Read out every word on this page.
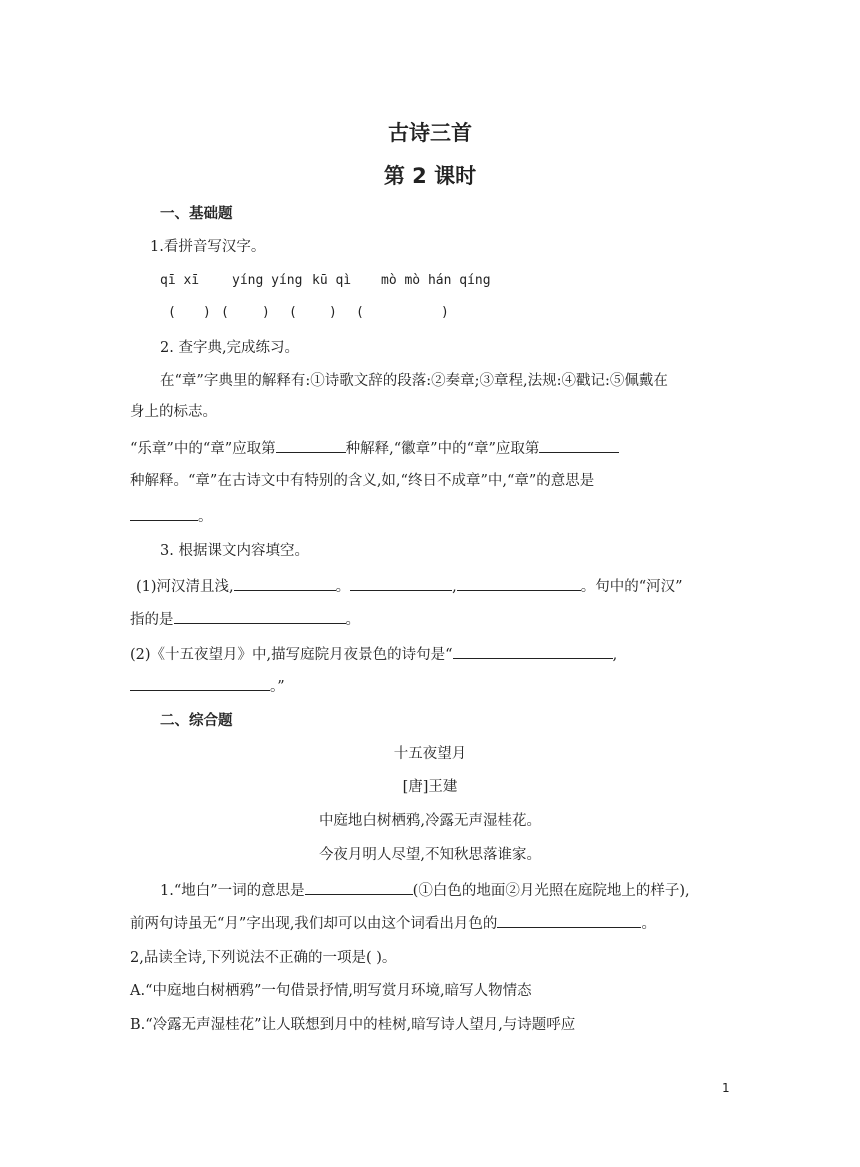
古诗三首
第 2 课时
一、基础题
1.看拼音写汉字。
qī xī	yíng yíng kū qì mò mò hán qíng
( ) (	) ( ) (	)
2. 查字典,完成练习。
在“章”字典里的解释有:①诗歌文辞的段落:②奏章;③章程,法规:④戳记:⑤佩戴在
身上的标志。
“乐章”中的“章”应取第	种解释,“徽章”中的“章”应取第
种解释。“章”在古诗文中有特别的含义,如,“终日不成章”中,“章”的意思是
。
3. 根据课文内容填空。
(1)河汉清且浅,	。	,	。句中的“河汉”
指的是	。
(2)《十五夜望月》中,描写庭院月夜景色的诗句是“	,
。”
二、综合题
十五夜望月
[唐]王建
中庭地白树栖鸦,冷露无声湿桂花。
今夜月明人尽望,不知秋思落谁家。
1.“地白”一词的意思是	(①白色的地面②月光照在庭院地上的样子),
前两句诗虽无“月”字出现,我们却可以由这个词看出月色的	。
2,品读全诗,下列说法不正确的一项是( )。
A.“中庭地白树栖鸦”一句借景抒情,明写赏月环境,暗写人物情态
B.“冷露无声湿桂花”让人联想到月中的桂树,暗写诗人望月,与诗题呼应
1
